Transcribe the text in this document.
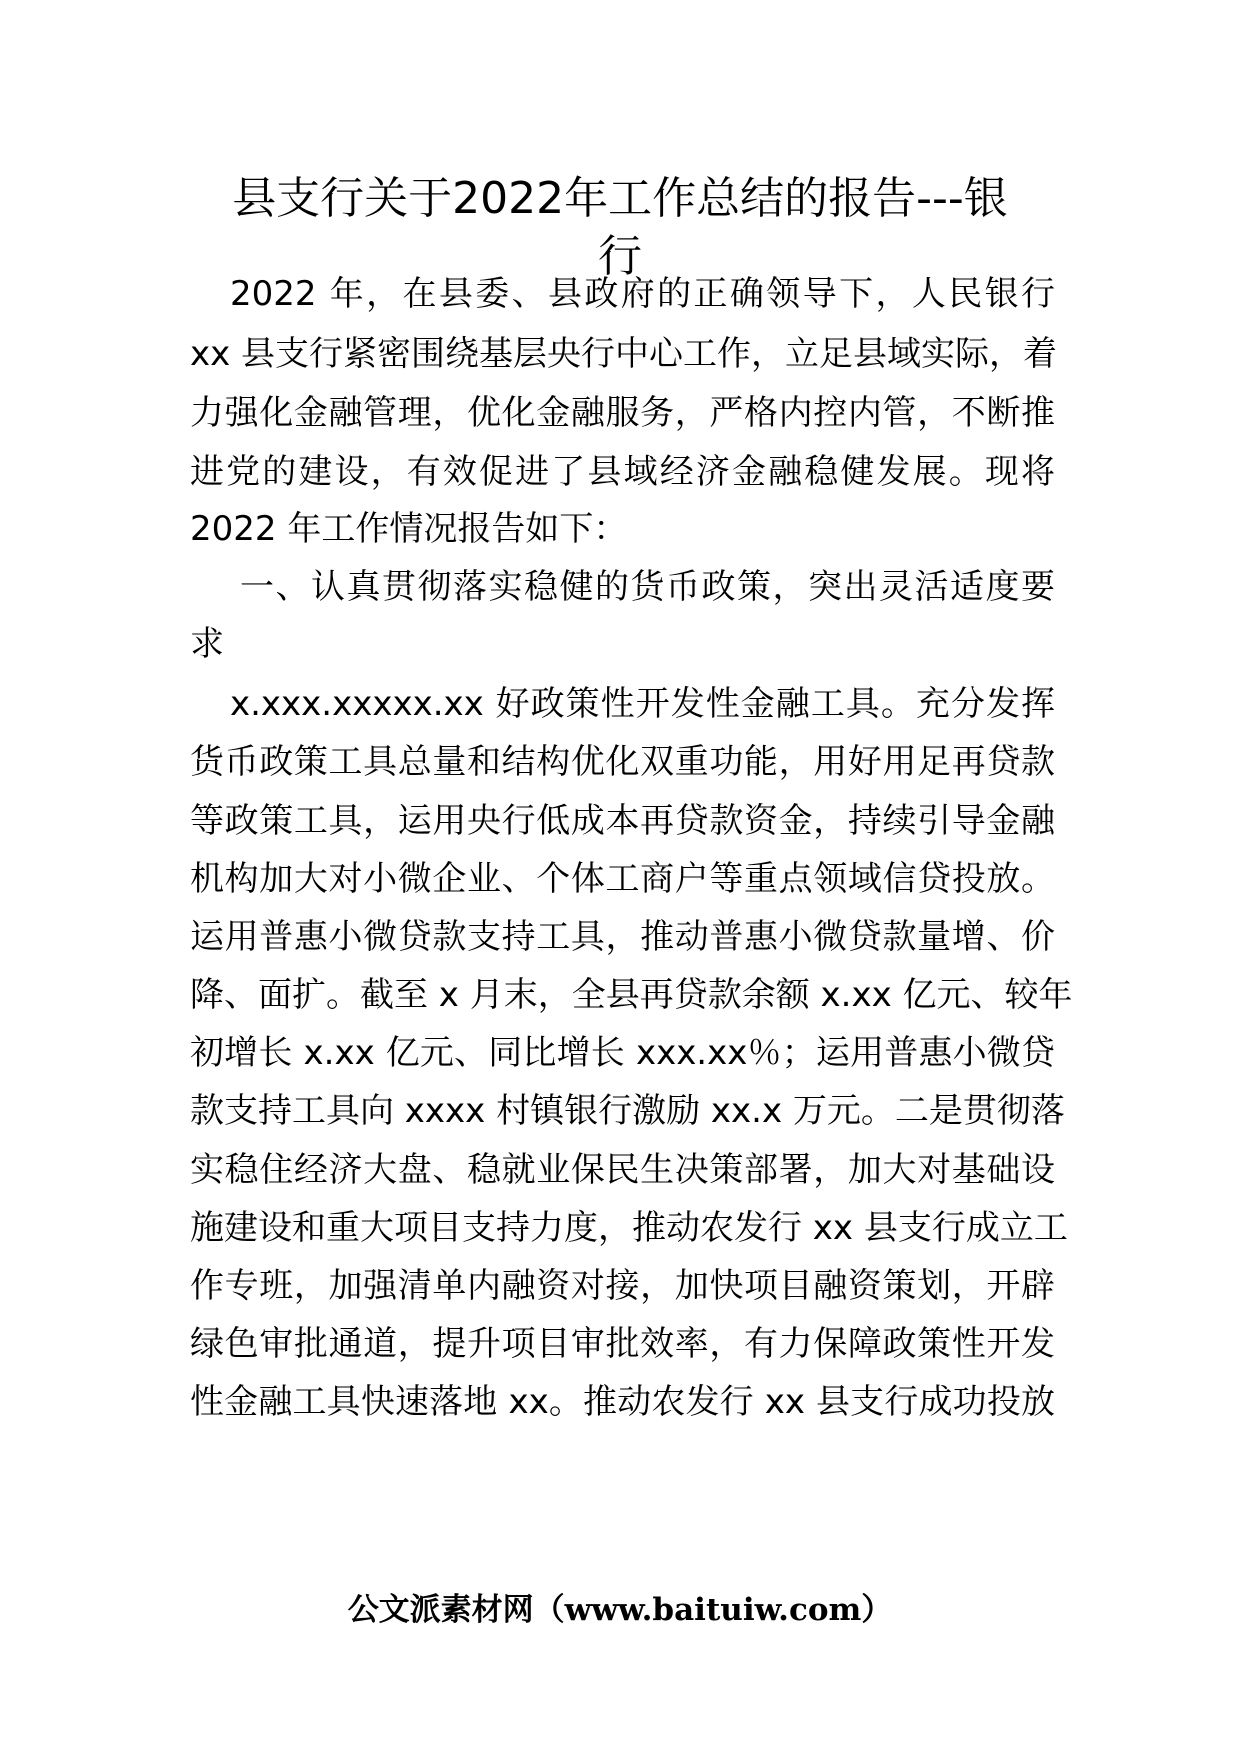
县支行关于2022年工作总结的报告---银
行
2022 年，在县委、县政府的正确领导下，人民银行
xx 县支行紧密围绕基层央行中心工作，立足县域实际，着
力强化金融管理，优化金融服务，严格内控内管，不断推
进党的建设，有效促进了县域经济金融稳健发展。现将
2022 年工作情况报告如下：
一、认真贯彻落实稳健的货币政策，突出灵活适度要
求
x.xxx.xxxxx.xx 好政策性开发性金融工具。充分发挥
货币政策工具总量和结构优化双重功能，用好用足再贷款
等政策工具，运用央行低成本再贷款资金，持续引导金融
机构加大对小微企业、个体工商户等重点领域信贷投放。
运用普惠小微贷款支持工具，推动普惠小微贷款量增、价
降、面扩。截至 x 月末，全县再贷款余额 x.xx 亿元、较年
初增长 x.xx 亿元、同比增长 xxx.xx％；运用普惠小微贷
款支持工具向 xxxx 村镇银行激励 xx.x 万元。二是贯彻落
实稳住经济大盘、稳就业保民生决策部署，加大对基础设
施建设和重大项目支持力度，推动农发行 xx 县支行成立工
作专班，加强清单内融资对接，加快项目融资策划，开辟
绿色审批通道，提升项目审批效率，有力保障政策性开发
性金融工具快速落地 xx。推动农发行 xx 县支行成功投放
公文派素材网（www.baituiw.com）
